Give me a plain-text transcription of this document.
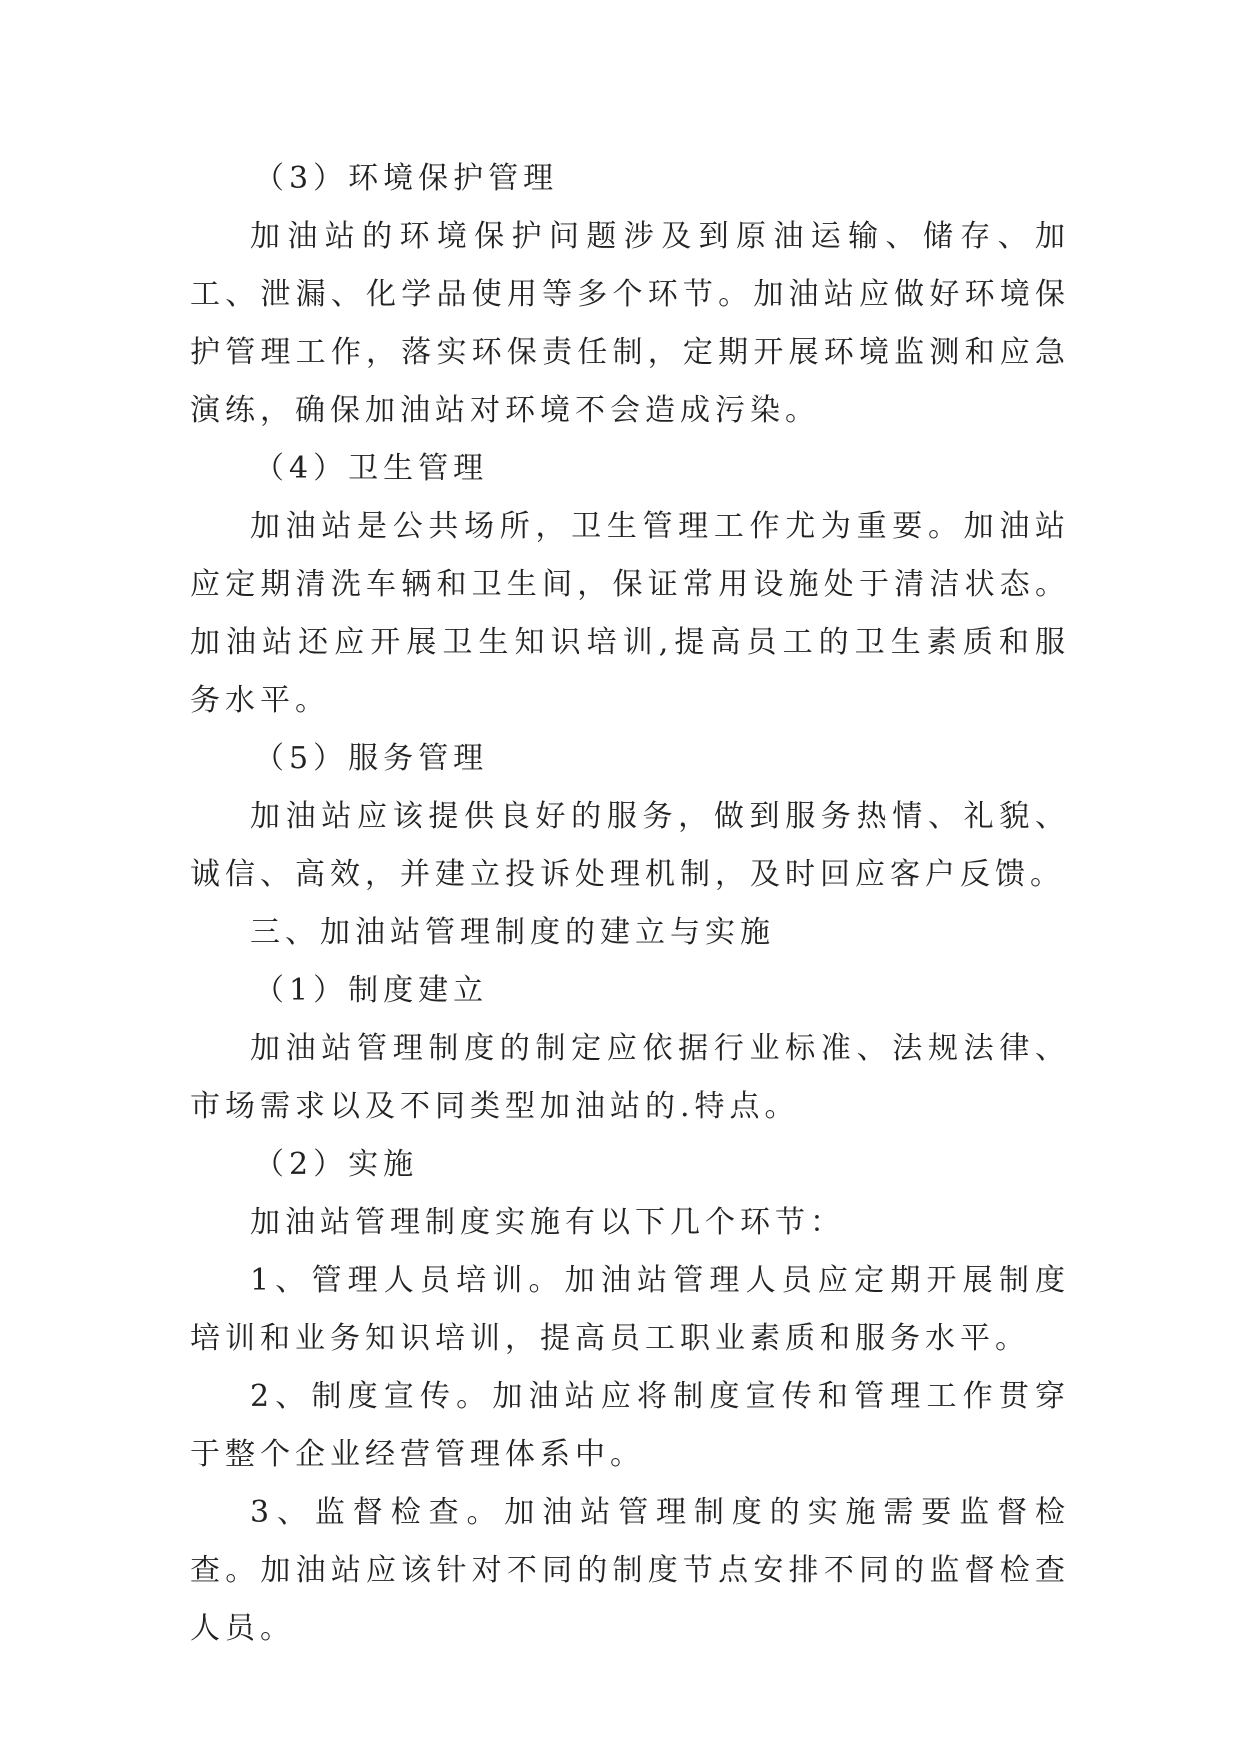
（3）环境保护管理

加油站的环境保护问题涉及到原油运输、储存、加工、泄漏、化学品使用等多个环节。加油站应做好环境保护管理工作，落实环保责任制，定期开展环境监测和应急演练，确保加油站对环境不会造成污染。

（4）卫生管理

加油站是公共场所，卫生管理工作尤为重要。加油站应定期清洗车辆和卫生间，保证常用设施处于清洁状态。加油站还应开展卫生知识培训,提高员工的卫生素质和服务水平。

（5）服务管理

加油站应该提供良好的服务，做到服务热情、礼貌、诚信、高效，并建立投诉处理机制，及时回应客户反馈。

三、加油站管理制度的建立与实施

（1）制度建立

加油站管理制度的制定应依据行业标准、法规法律、市场需求以及不同类型加油站的.特点。

（2）实施

加油站管理制度实施有以下几个环节：

1、管理人员培训。加油站管理人员应定期开展制度培训和业务知识培训，提高员工职业素质和服务水平。

2、制度宣传。加油站应将制度宣传和管理工作贯穿于整个企业经营管理体系中。

3、监督检查。加油站管理制度的实施需要监督检查。加油站应该针对不同的制度节点安排不同的监督检查人员。
